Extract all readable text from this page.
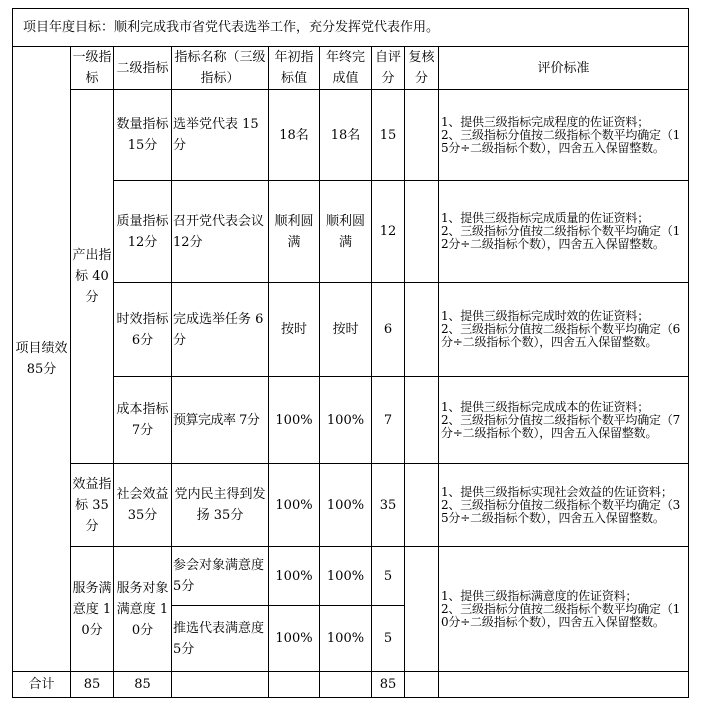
项目年度目标：顺利完成我市省党代表选举工作，充分发挥党代表作用。								
项目绩效85分	一级指标	二级指标	指标名称（三级指标）	年初指标值	年终完成值	自评分	复核分	评价标准
	产出指标 40分	数量指标15分	选举党代表 15分	18名	18名	15		1、提供三级指标完成程度的佐证资料；
2、三级指标分值按二级指标个数平均确定（15分÷二级指标个数），四舍五入保留整数。

		质量指标12分	召开党代表会议 12分	顺利圆满	顺利圆满	12		1、提供三级指标完成质量的佐证资料；
2、三级指标分值按二级指标个数平均确定（12分÷二级指标个数），四舍五入保留整数。

		时效指标6分	完成选举任务 6分	按时	按时	6		1、提供三级指标完成时效的佐证资料；
2、三级指标分值按二级指标个数平均确定（6分÷二级指标个数），四舍五入保留整数。

		成本指标7分	预算完成率 7分	100%	100%	7		1、提供三级指标完成成本的佐证资料；
2、三级指标分值按二级指标个数平均确定（7分÷二级指标个数），四舍五入保留整数。

	效益指标 35分	社会效益35分	党内民主得到发扬 35分	100%	100%	35		1、提供三级指标实现社会效益的佐证资料；
2、三级指标分值按二级指标个数平均确定（35分÷二级指标个数），四舍五入保留整数。

	服务满意度 10分	服务对象满意度 10分	参会对象满意度 5分	100%	100%	5		1、提供三级指标满意度的佐证资料；
2、三级指标分值按二级指标个数平均确定（10分÷二级指标个数），四舍五入保留整数。

			推选代表满意度 5分	100%	100%	5		
合计	85	85				85		
